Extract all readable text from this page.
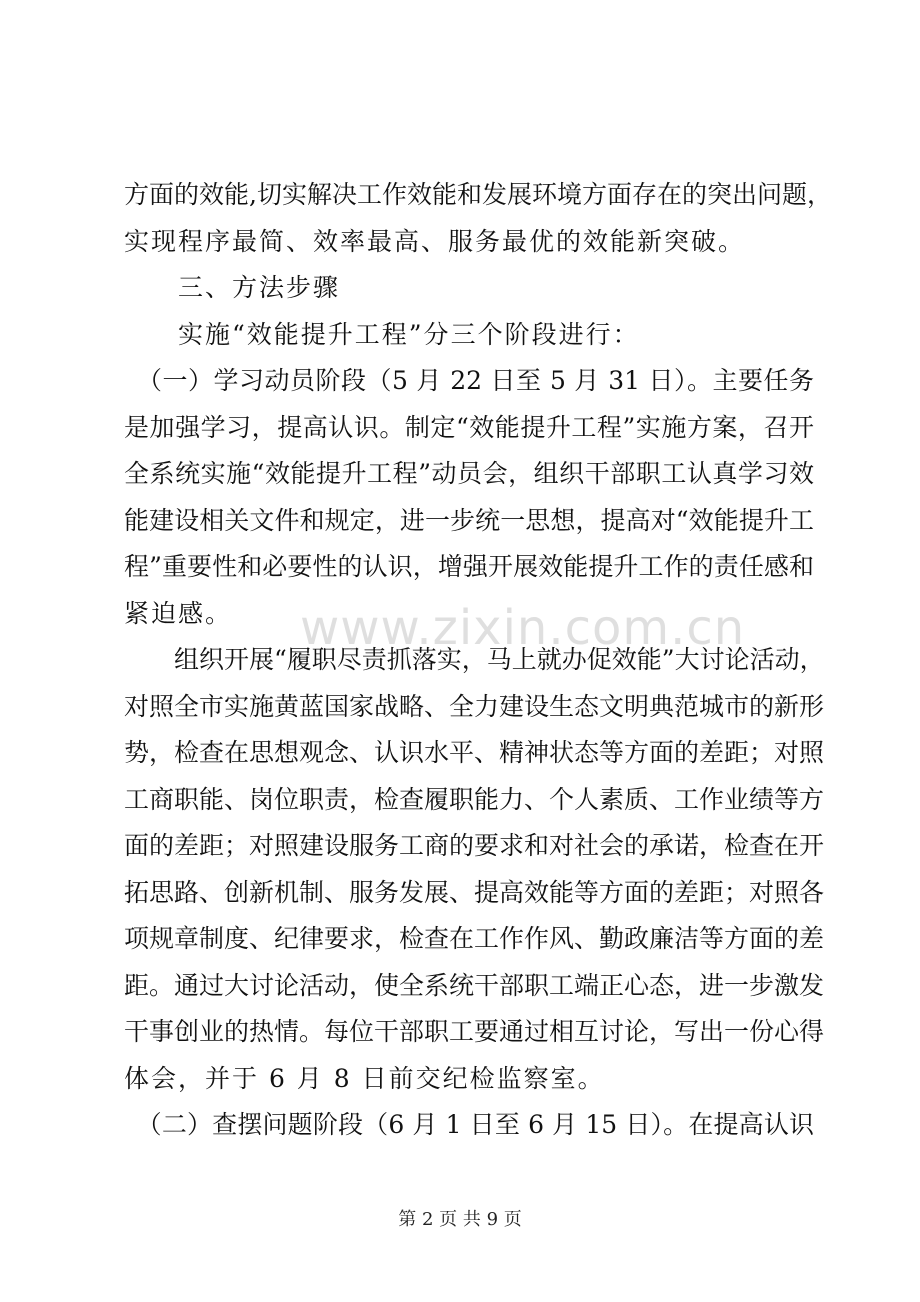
方面的效能,切实解决工作效能和发展环境方面存在的突出问题，
实现程序最简、效率最高、服务最优的效能新突破。
　　三、方法步骤
　　实施“效能提升工程”分三个阶段进行：
　（一）学习动员阶段（5 月 22 日至 5 月 31 日）。主要任务
是加强学习，提高认识。制定“效能提升工程”实施方案，召开
全系统实施“效能提升工程”动员会，组织干部职工认真学习效
能建设相关文件和规定，进一步统一思想，提高对“效能提升工
程”重要性和必要性的认识，增强开展效能提升工作的责任感和
紧迫感。
　　组织开展“履职尽责抓落实，马上就办促效能”大讨论活动，
对照全市实施黄蓝国家战略、全力建设生态文明典范城市的新形
势，检查在思想观念、认识水平、精神状态等方面的差距；对照
工商职能、岗位职责，检查履职能力、个人素质、工作业绩等方
面的差距；对照建设服务工商的要求和对社会的承诺，检查在开
拓思路、创新机制、服务发展、提高效能等方面的差距；对照各
项规章制度、纪律要求，检查在工作作风、勤政廉洁等方面的差
距。通过大讨论活动，使全系统干部职工端正心态，进一步激发
干事创业的热情。每位干部职工要通过相互讨论，写出一份心得
体会，并于 6 月 8 日前交纪检监察室。
　（二）查摆问题阶段（6 月 1 日至 6 月 15 日）。在提高认识
www.zixin.com.cn
第 2 页 共 9 页
